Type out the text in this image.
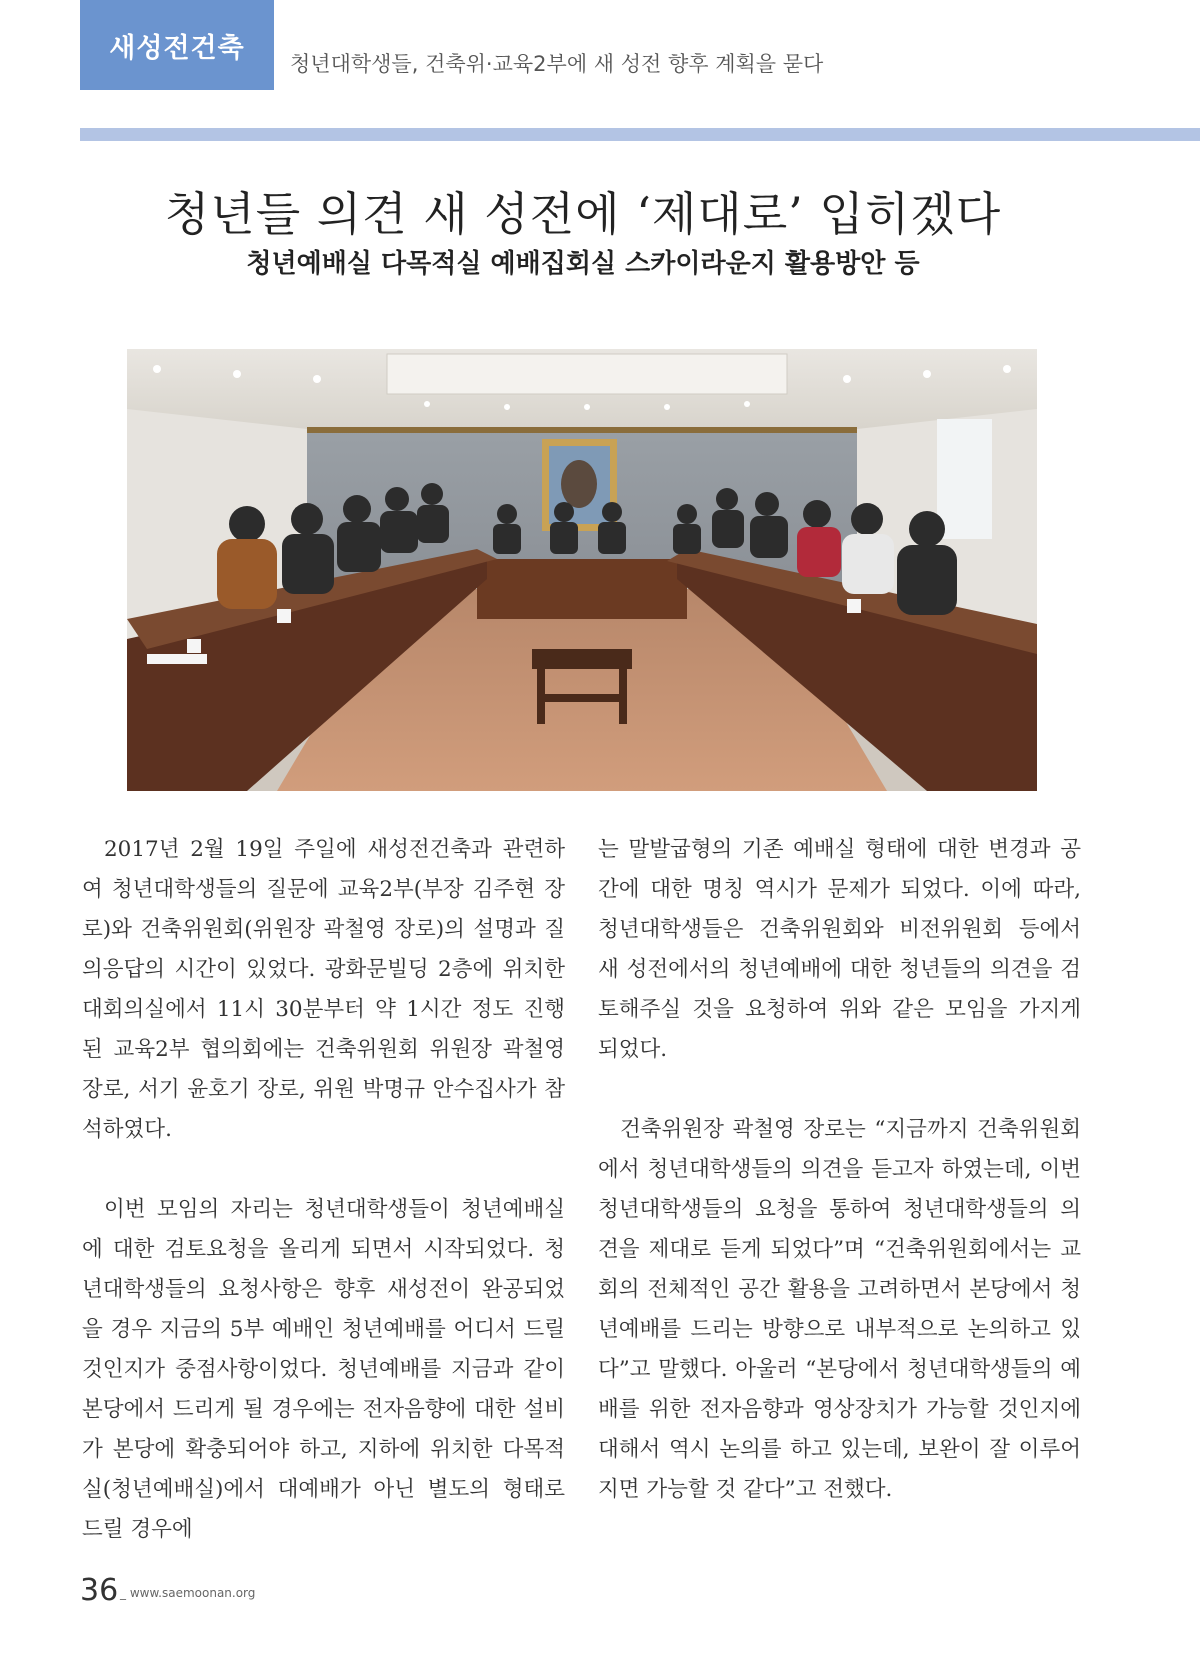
새성전건축
청년대학생들, 건축위·교육2부에 새 성전 향후 계획을 묻다
청년들 의견 새 성전에 ‘제대로’ 입히겠다
청년예배실 다목적실 예배집회실 스카이라운지 활용방안 등

2017년 2월 19일 주일에 새성전건축과 관련하여 청년대학생들의 질문에 교육2부(부장 김주현 장로)와 건축위원회(위원장 곽철영 장로)의 설명과 질의응답의 시간이 있었다. 광화문빌딩 2층에 위치한 대회의실에서 11시 30분부터 약 1시간 정도 진행된 교육2부 협의회에는 건축위원회 위원장 곽철영 장로, 서기 윤호기 장로, 위원 박명규 안수집사가 참석하였다.

이번 모임의 자리는 청년대학생들이 청년예배실에 대한 검토요청을 올리게 되면서 시작되었다. 청년대학생들의 요청사항은 향후 새성전이 완공되었을 경우 지금의 5부 예배인 청년예배를 어디서 드릴 것인지가 중점사항이었다. 청년예배를 지금과 같이 본당에서 드리게 될 경우에는 전자음향에 대한 설비가 본당에 확충되어야 하고, 지하에 위치한 다목적실(청년예배실)에서 대예배가 아닌 별도의 형태로 드릴 경우에

는 말발굽형의 기존 예배실 형태에 대한 변경과 공간에 대한 명칭 역시가 문제가 되었다. 이에 따라, 청년대학생들은 건축위원회와 비전위원회 등에서 새 성전에서의 청년예배에 대한 청년들의 의견을 검토해주실 것을 요청하여 위와 같은 모임을 가지게 되었다.

건축위원장 곽철영 장로는 “지금까지 건축위원회에서 청년대학생들의 의견을 듣고자 하였는데, 이번 청년대학생들의 요청을 통하여 청년대학생들의 의견을 제대로 듣게 되었다”며 “건축위원회에서는 교회의 전체적인 공간 활용을 고려하면서 본당에서 청년예배를 드리는 방향으로 내부적으로 논의하고 있다”고 말했다. 아울러 “본당에서 청년대학생들의 예배를 위한 전자음향과 영상장치가 가능할 것인지에 대해서 역시 논의를 하고 있는데, 보완이 잘 이루어지면 가능할 것 같다”고 전했다.

36 _ www.saemoonan.org
